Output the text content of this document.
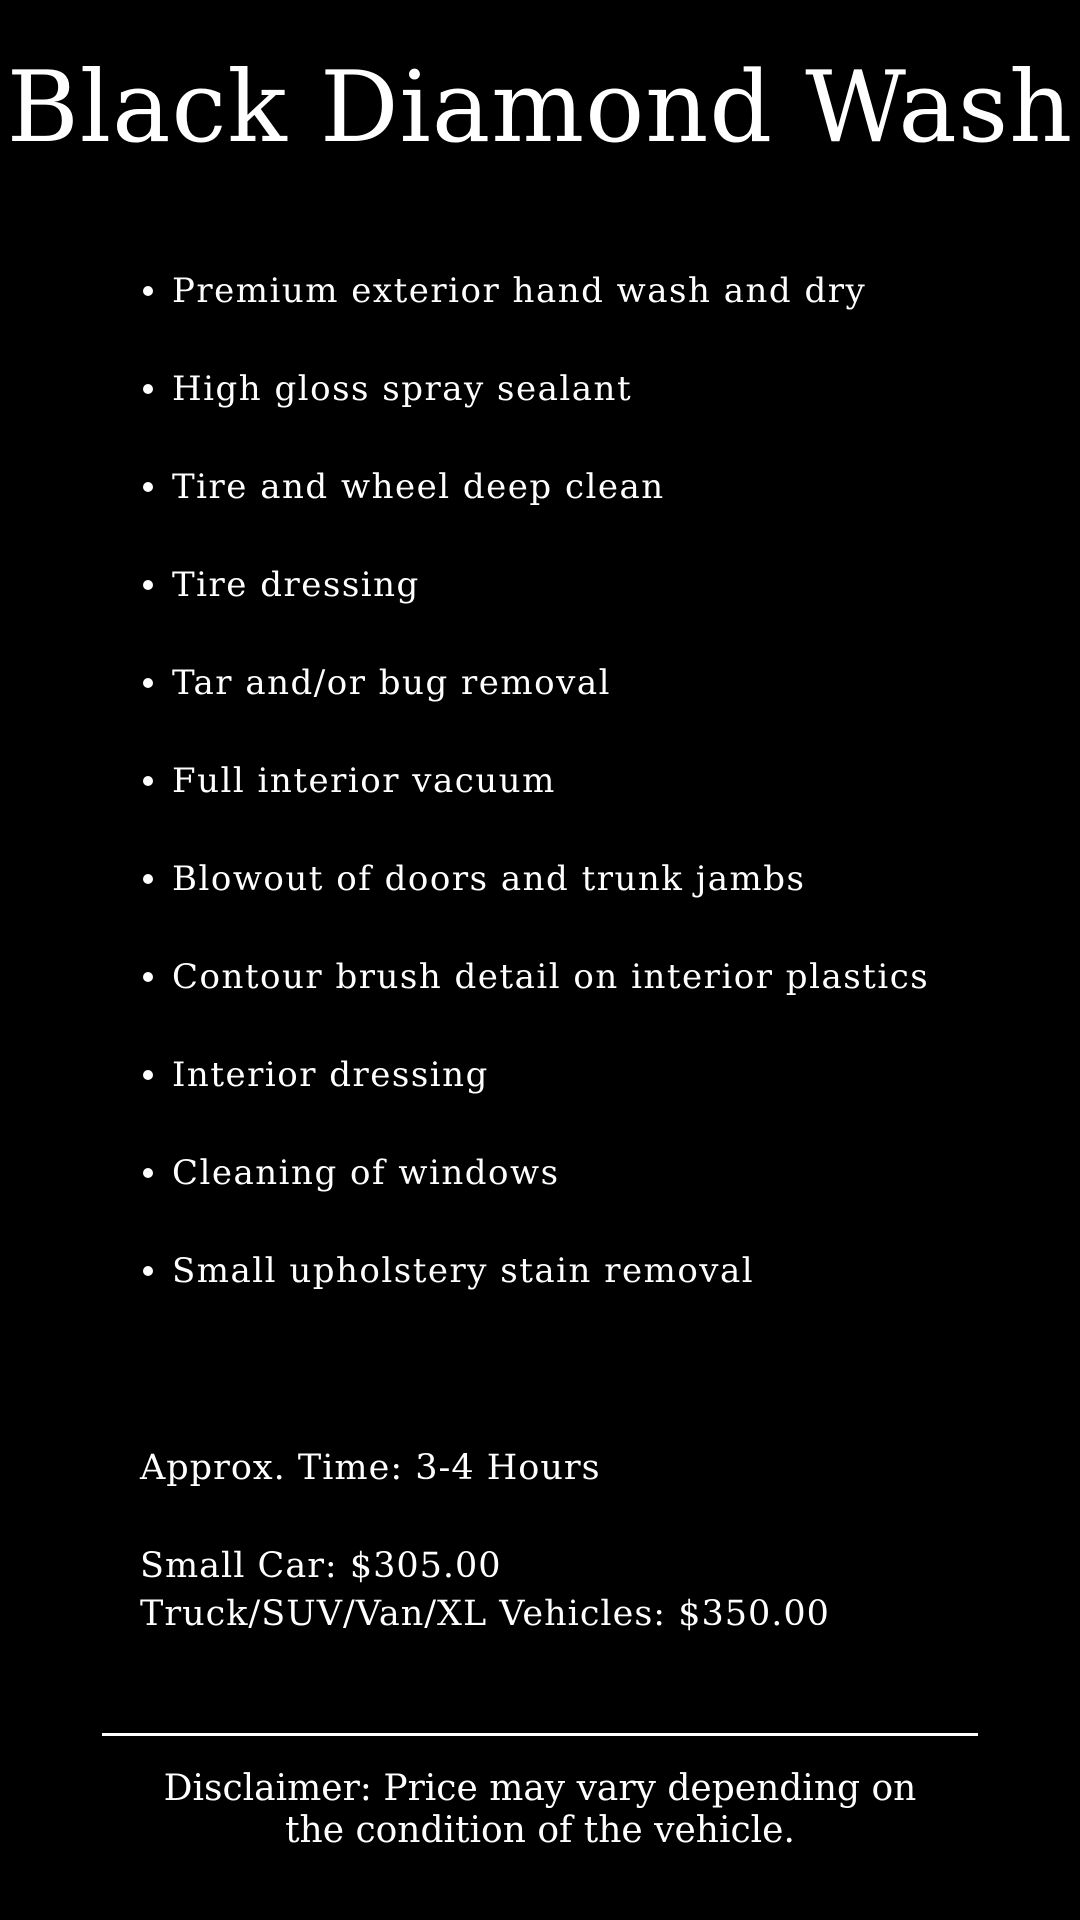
Black Diamond Wash
Premium exterior hand wash and dry
High gloss spray sealant
Tire and wheel deep clean
Tire dressing
Tar and/or bug removal
Full interior vacuum
Blowout of doors and trunk jambs
Contour brush detail on interior plastics
Interior dressing
Cleaning of windows
Small upholstery stain removal
Approx. Time: 3-4 Hours
Small Car: $305.00
Truck/SUV/Van/XL Vehicles: $350.00
Disclaimer: Price may vary depending on the condition of the vehicle.
